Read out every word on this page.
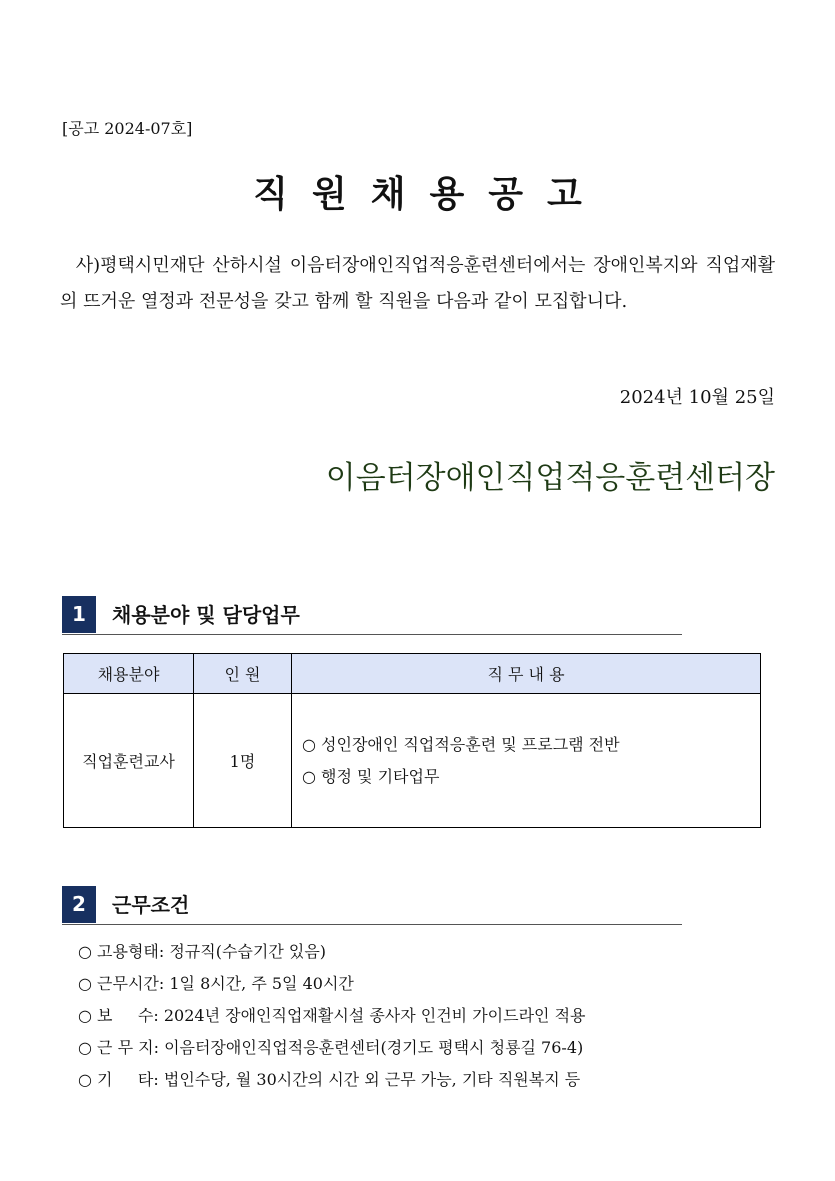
[공고 2024-07호]
직원채용공고
사)평택시민재단 산하시설 이음터장애인직업적응훈련센터에서는 장애인복지와 직업재활의 뜨거운 열정과 전문성을 갖고 함께 할 직원을 다음과 같이 모집합니다.
2024년 10월 25일
이음터장애인직업적응훈련센터장
1	채용분야 및 담당업무
채용분야	인 원	직 무 내 용
직업훈련교사	1명	○ 성인장애인 직업적응훈련 및 프로그램 전반
○ 행정 및 기타업무
2	근무조건
○ 고용형태: 정규직(수습기간 있음)
○ 근무시간: 1일 8시간, 주 5일 40시간
○ 보     수: 2024년 장애인직업재활시설 종사자 인건비 가이드라인 적용
○ 근 무 지: 이음터장애인직업적응훈련센터(경기도 평택시 청룡길 76-4)
○ 기     타: 법인수당, 월 30시간의 시간 외 근무 가능, 기타 직원복지 등
